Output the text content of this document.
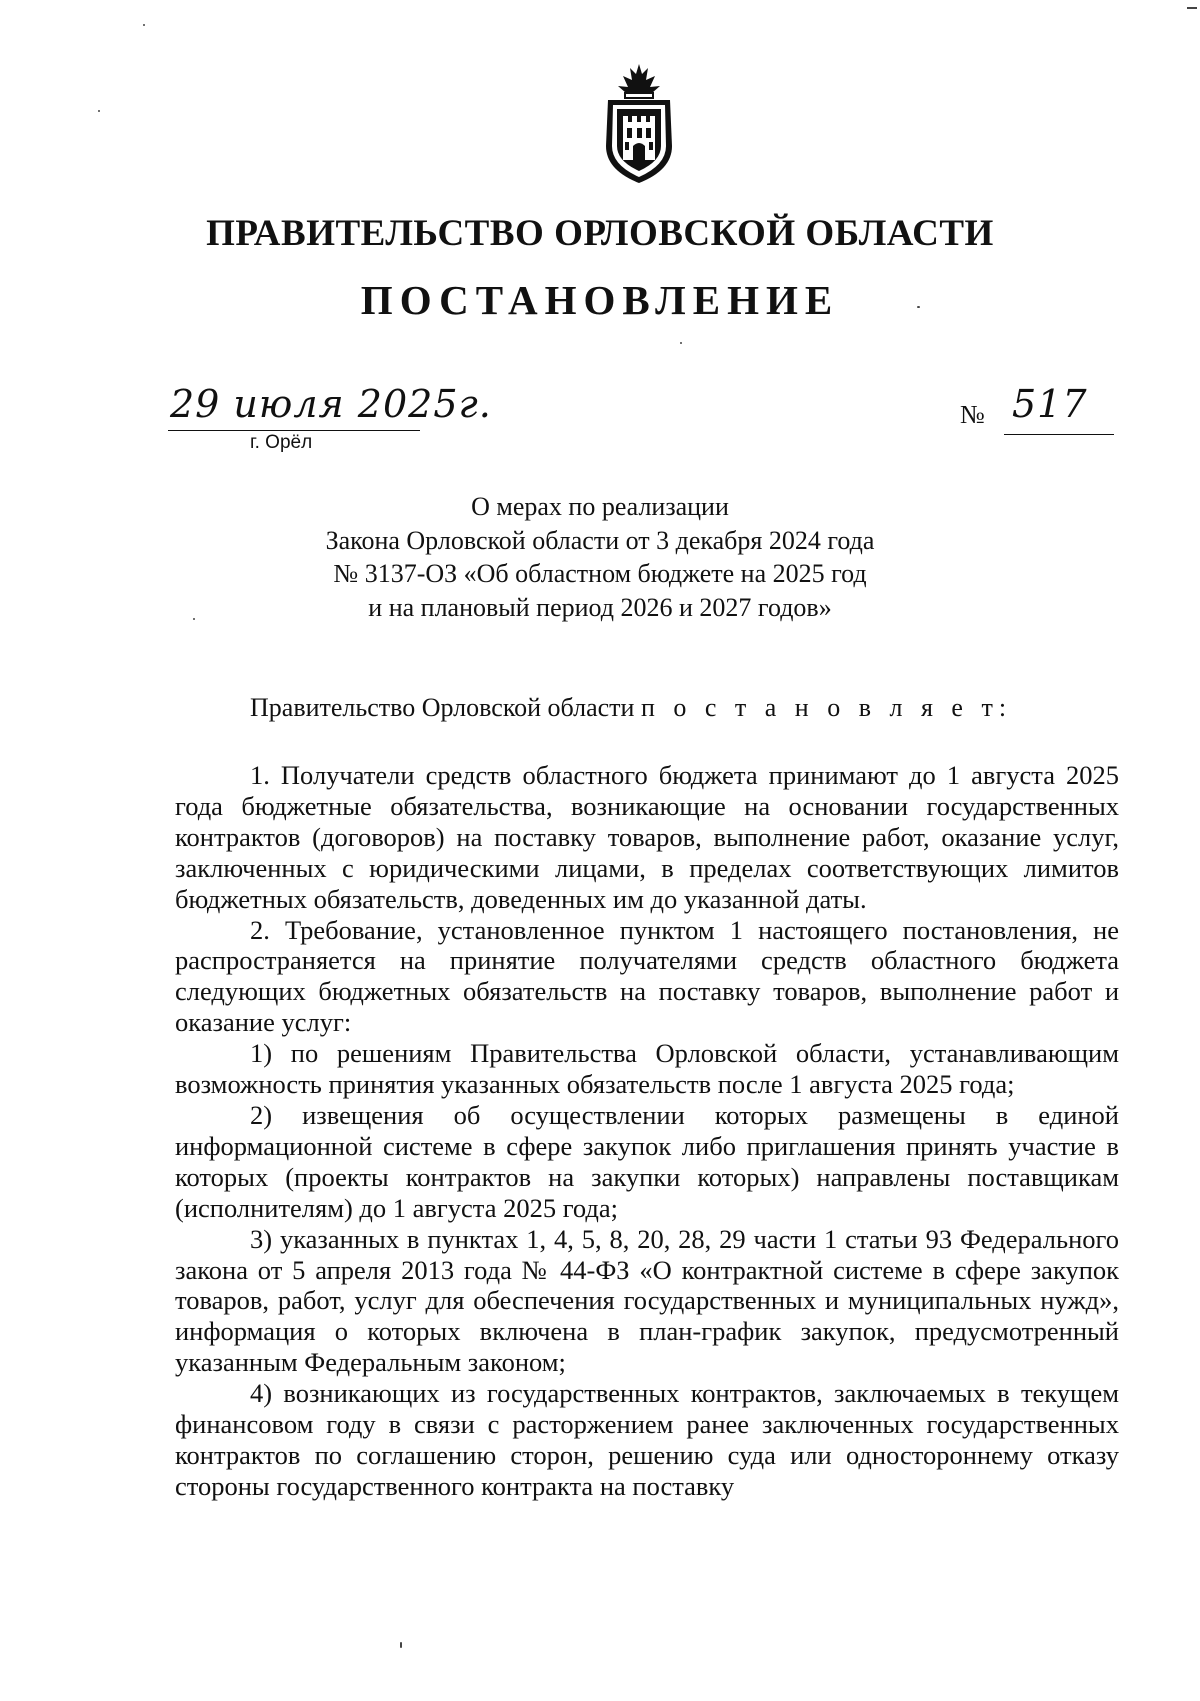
ПРАВИТЕЛЬСТВО ОРЛОВСКОЙ ОБЛАСТИ
ПОСТАНОВЛЕНИЕ
29 июля 2025г.
г. Орёл
№ 517
О мерах по реализации
Закона Орловской области от 3 декабря 2024 года
№ 3137-ОЗ «Об областном бюджете на 2025 год
и на плановый период 2026 и 2027 годов»
Правительство Орловской области п о с т а н о в л я е т:

1. Получатели средств областного бюджета принимают до 1 августа 2025 года бюджетные обязательства, возникающие на основании государственных контрактов (договоров) на поставку товаров, выполнение работ, оказание услуг, заключенных с юридическими лицами, в пределах соответствующих лимитов бюджетных обязательств, доведенных им до указанной даты.

2. Требование, установленное пунктом 1 настоящего постановления, не распространяется на принятие получателями средств областного бюджета следующих бюджетных обязательств на поставку товаров, выполнение работ и оказание услуг:

1) по решениям Правительства Орловской области, устанавливающим возможность принятия указанных обязательств после 1 августа 2025 года;

2) извещения об осуществлении которых размещены в единой информационной системе в сфере закупок либо приглашения принять участие в которых (проекты контрактов на закупки которых) направлены поставщикам (исполнителям) до 1 августа 2025 года;

3) указанных в пунктах 1, 4, 5, 8, 20, 28, 29 части 1 статьи 93 Федерального закона от 5 апреля 2013 года № 44-ФЗ «О контрактной системе в сфере закупок товаров, работ, услуг для обеспечения государственных и муниципальных нужд», информация о которых включена в план-график закупок, предусмотренный указанным Федеральным законом;

4) возникающих из государственных контрактов, заключаемых в текущем финансовом году в связи с расторжением ранее заключенных государственных контрактов по соглашению сторон, решению суда или одностороннему отказу стороны государственного контракта на поставку
